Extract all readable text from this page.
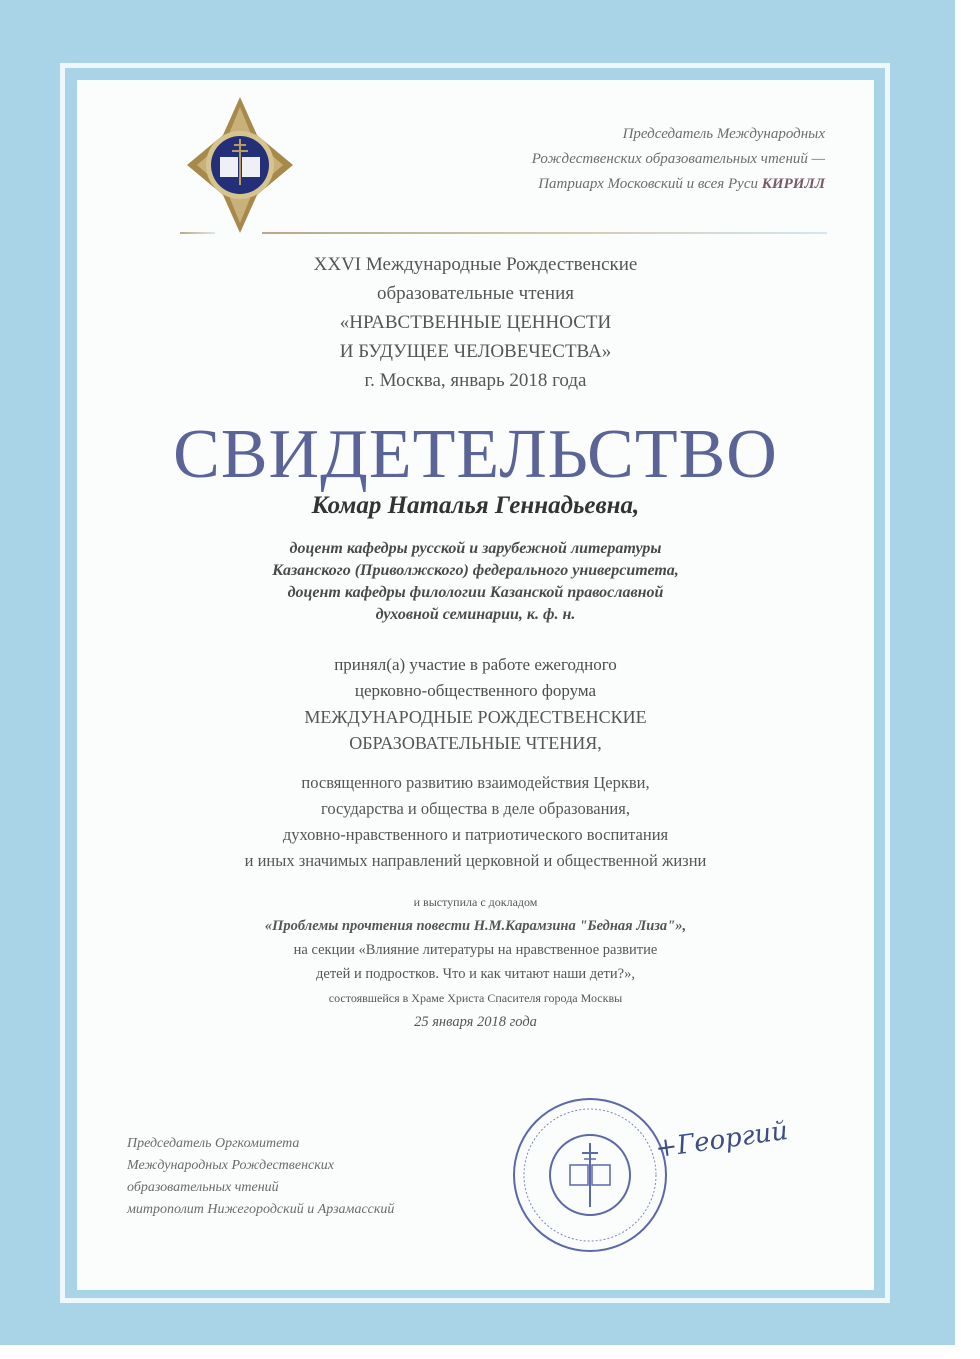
Председатель Международных
Рождественских образовательных чтений —
Патриарх Московский и всея Руси КИРИЛЛ
XXVI Международные Рождественские
образовательные чтения
«НРАВСТВЕННЫЕ ЦЕННОСТИ
И БУДУЩЕЕ ЧЕЛОВЕЧЕСТВА»
г. Москва, январь 2018 года
СВИДЕТЕЛЬСТВО
Комар Наталья Геннадьевна,
доцент кафедры русской и зарубежной литературы
Казанского (Приволжского) федерального университета,
доцент кафедры филологии Казанской православной
духовной семинарии, к. ф. н.
принял(а) участие в работе ежегодного
церковно-общественного форума
МЕЖДУНАРОДНЫЕ РОЖДЕСТВЕНСКИЕ
ОБРАЗОВАТЕЛЬНЫЕ ЧТЕНИЯ,
посвященного развитию взаимодействия Церкви,
государства и общества в деле образования,
духовно-нравственного и патриотического воспитания
и иных значимых направлений церковной и общественной жизни
и выступила с докладом
«Проблемы прочтения повести Н.М.Карамзина "Бедная Лиза"»,
на секции «Влияние литературы на нравственное развитие
детей и подростков. Что и как читают наши дети?»,
состоявшейся в Храме Христа Спасителя города Москвы
25 января 2018 года
Председатель Оргкомитета
Международных Рождественских
образовательных чтений
митрополит Нижегородский и Арзамасский
+Георгий
